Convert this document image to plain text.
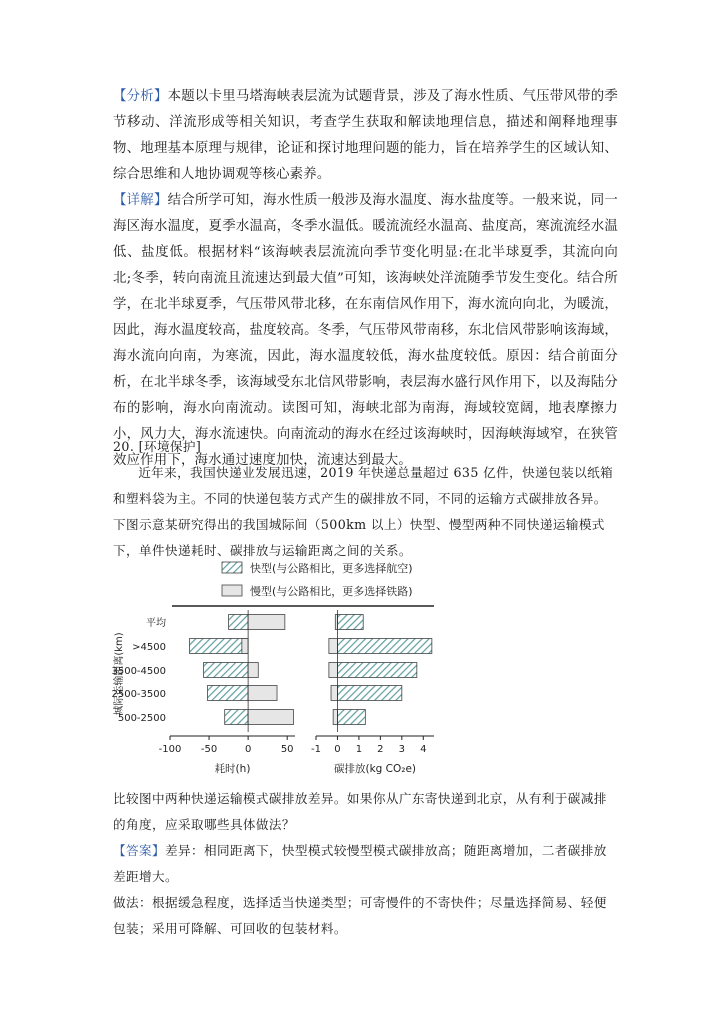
【分析】本题以卡里马塔海峡表层流为试题背景，涉及了海水性质、气压带风带的季节移动、洋流形成等相关知识，考查学生获取和解读地理信息，描述和阐释地理事物、地理基本原理与规律，论证和探讨地理问题的能力，旨在培养学生的区域认知、综合思维和人地协调观等核心素养。

【详解】结合所学可知，海水性质一般涉及海水温度、海水盐度等。一般来说，同一海区海水温度，夏季水温高，冬季水温低。暖流流经水温高、盐度高，寒流流经水温低、盐度低。根据材料“该海峡表层流流向季节变化明显:在北半球夏季，其流向向北;冬季，转向南流且流速达到最大值”可知，该海峡处洋流随季节发生变化。结合所学，在北半球夏季，气压带风带北移，在东南信风作用下，海水流向向北，为暖流，因此，海水温度较高，盐度较高。冬季，气压带风带南移，东北信风带影响该海域，海水流向向南，为寒流，因此，海水温度较低，海水盐度较低。原因：结合前面分析，在北半球冬季，该海域受东北信风带影响，表层海水盛行风作用下，以及海陆分布的影响，海水向南流动。读图可知，海峡北部为南海，海域较宽阔，地表摩擦力小，风力大，海水流速快。向南流动的海水在经过该海峡时，因海峡海域窄，在狭管效应作用下，海水通过速度加快，流速达到最大。

20. [环境保护]

近年来，我国快递业发展迅速，2019 年快递总量超过 635 亿件，快递包装以纸箱和塑料袋为主。不同的快递包装方式产生的碳排放不同，不同的运输方式碳排放各异。下图示意某研究得出的我国城际间（500km 以上）快型、慢型两种不同快递运输模式下，单件快递耗时、碳排放与运输距离之间的关系。

快型(与公路相比，更多选择航空)
慢型(与公路相比，更多选择铁路)
城际运输距离(km)
平均
>4500
3500-4500
2500-3500
500-2500
-100 -50	0	50
耗时(h)
-1 0 1 2 3 4
碳排放(kg CO₂e)

比较图中两种快递运输模式碳排放差异。如果你从广东寄快递到北京，从有利于碳减排的角度，应采取哪些具体做法？

【答案】差异：相同距离下，快型模式较慢型模式碳排放高；随距离增加，二者碳排放差距增大。

做法：根据缓急程度，选择适当快递类型；可寄慢件的不寄快件；尽量选择简易、轻便包装；采用可降解、可回收的包装材料。
